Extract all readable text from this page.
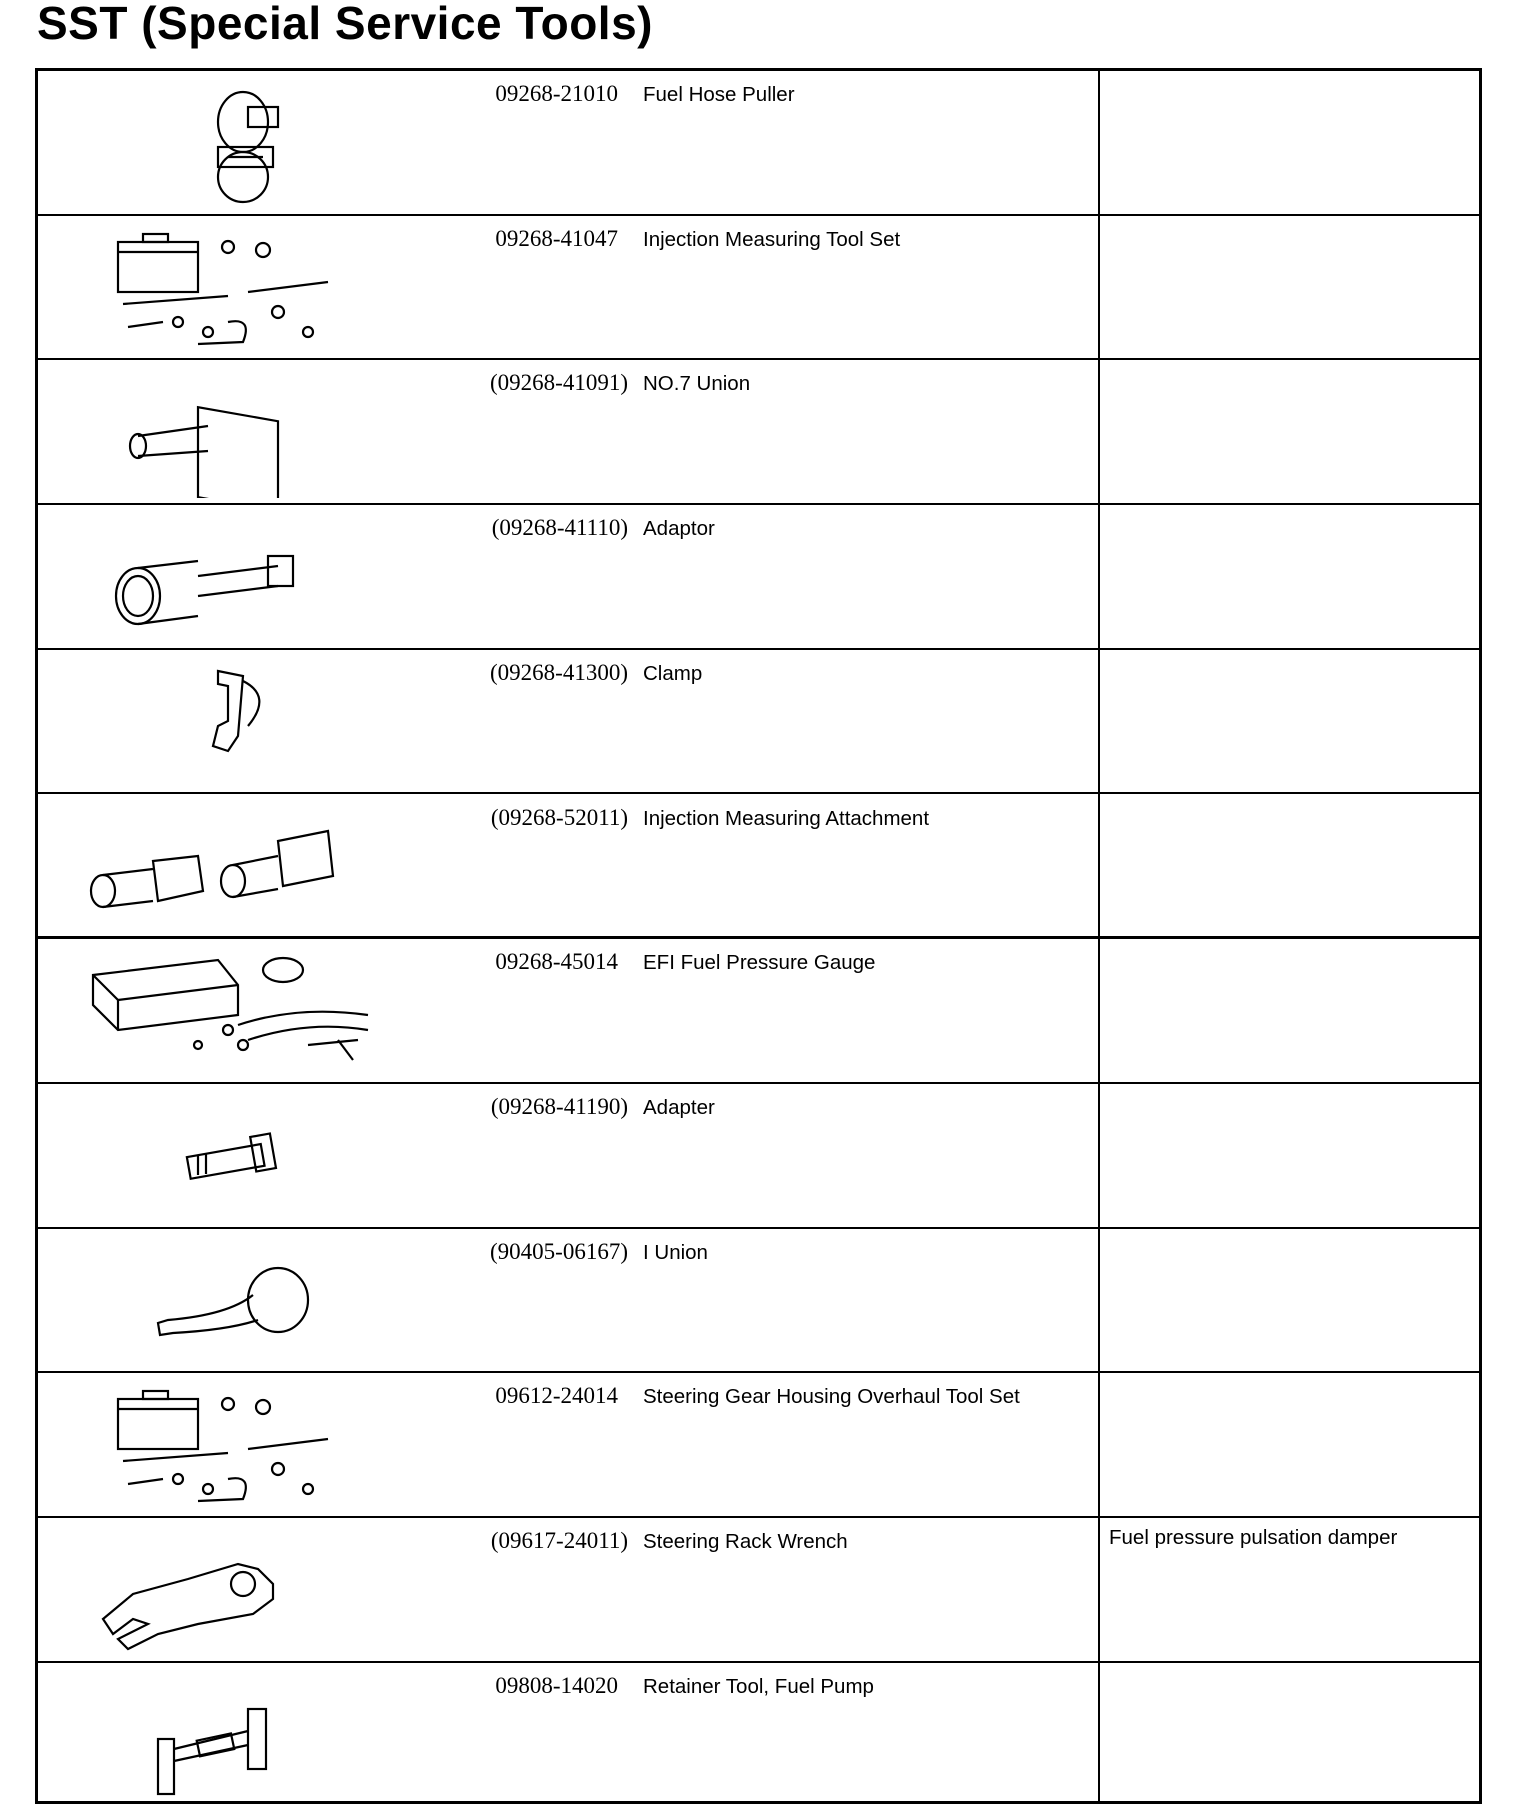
SST (Special Service Tools)
09268-21010 Fuel Hose Puller
09268-41047 Injection Measuring Tool Set
(09268-41091) NO.7 Union
(09268-41110) Adaptor
(09268-41300) Clamp
(09268-52011) Injection Measuring Attachment
09268-45014 EFI Fuel Pressure Gauge
(09268-41190) Adapter
(90405-06167) I Union
09612-24014 Steering Gear Housing Overhaul Tool Set
(09617-24011) Steering Rack Wrench	Fuel pressure pulsation damper
09808-14020 Retainer Tool, Fuel Pump
